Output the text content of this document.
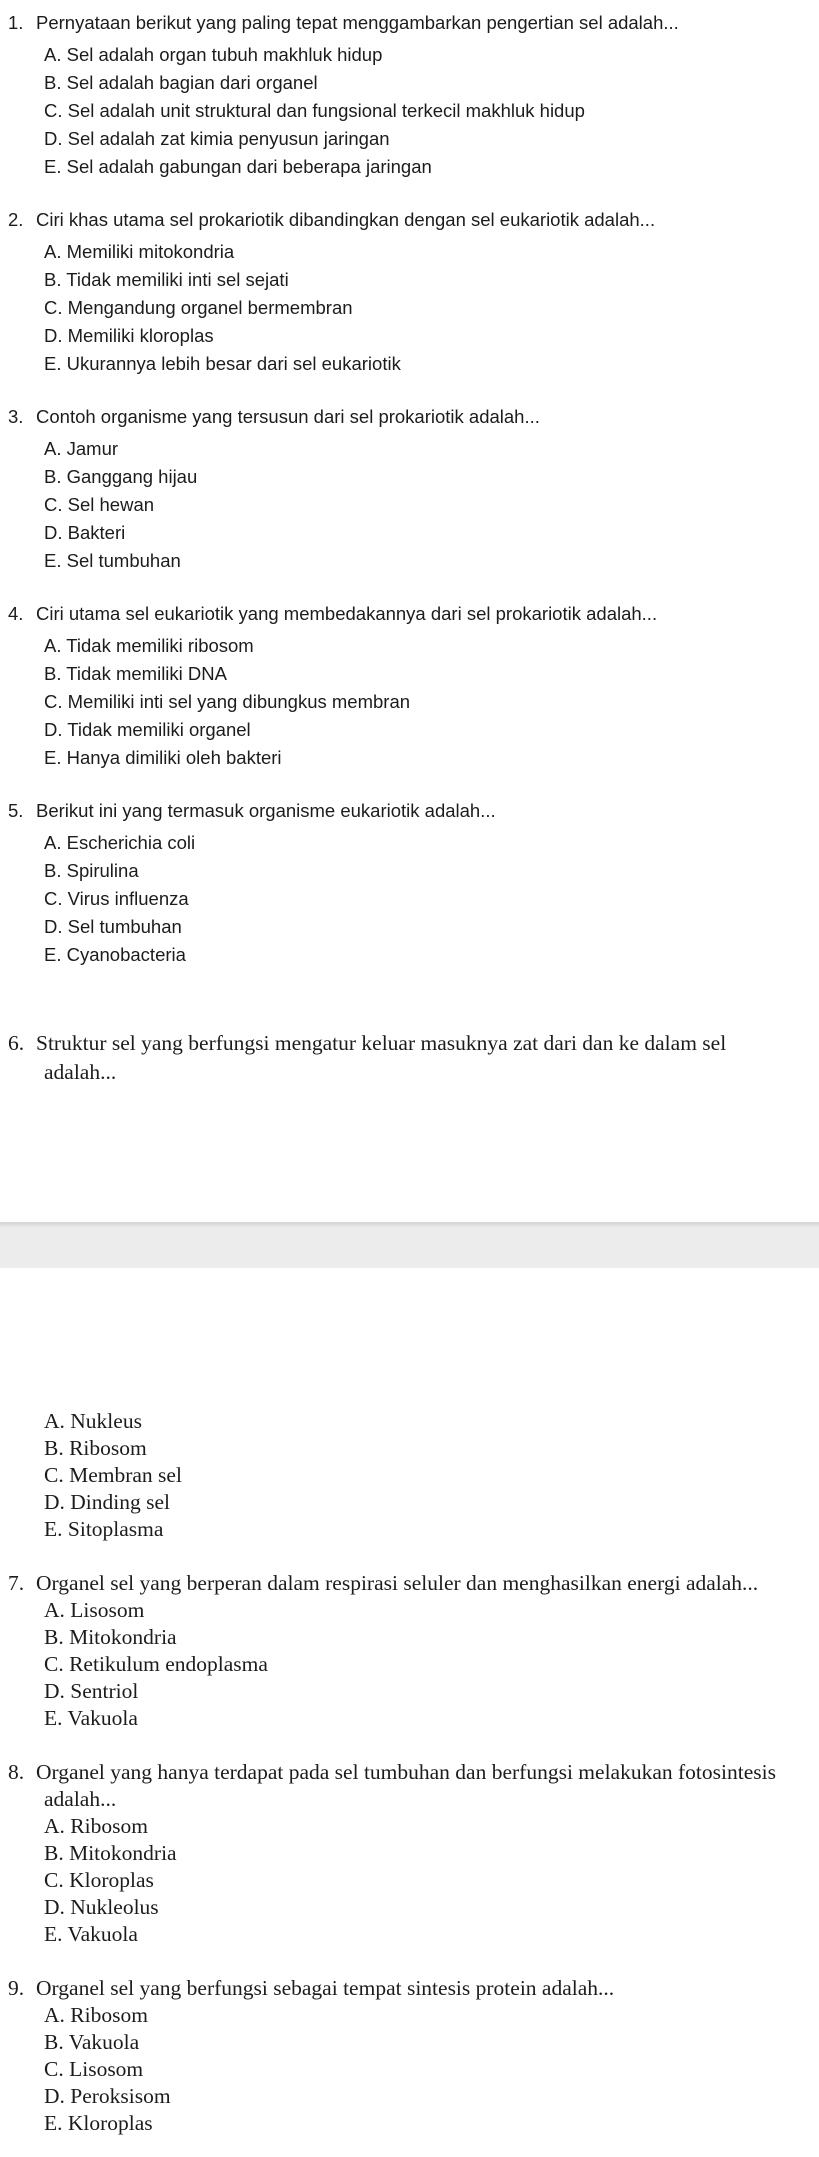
1. Pernyataan berikut yang paling tepat menggambarkan pengertian sel adalah...
A. Sel adalah organ tubuh makhluk hidup
B. Sel adalah bagian dari organel
C. Sel adalah unit struktural dan fungsional terkecil makhluk hidup
D. Sel adalah zat kimia penyusun jaringan
E. Sel adalah gabungan dari beberapa jaringan
2. Ciri khas utama sel prokariotik dibandingkan dengan sel eukariotik adalah...
A. Memiliki mitokondria
B. Tidak memiliki inti sel sejati
C. Mengandung organel bermembran
D. Memiliki kloroplas
E. Ukurannya lebih besar dari sel eukariotik
3. Contoh organisme yang tersusun dari sel prokariotik adalah...
A. Jamur
B. Ganggang hijau
C. Sel hewan
D. Bakteri
E. Sel tumbuhan
4. Ciri utama sel eukariotik yang membedakannya dari sel prokariotik adalah...
A. Tidak memiliki ribosom
B. Tidak memiliki DNA
C. Memiliki inti sel yang dibungkus membran
D. Tidak memiliki organel
E. Hanya dimiliki oleh bakteri
5. Berikut ini yang termasuk organisme eukariotik adalah...
A. Escherichia coli
B. Spirulina
C. Virus influenza
D. Sel tumbuhan
E. Cyanobacteria
6. Struktur sel yang berfungsi mengatur keluar masuknya zat dari dan ke dalam sel
adalah...
A. Nukleus
B. Ribosom
C. Membran sel
D. Dinding sel
E. Sitoplasma
7. Organel sel yang berperan dalam respirasi seluler dan menghasilkan energi adalah...
A. Lisosom
B. Mitokondria
C. Retikulum endoplasma
D. Sentriol
E. Vakuola
8. Organel yang hanya terdapat pada sel tumbuhan dan berfungsi melakukan fotosintesis
adalah...
A. Ribosom
B. Mitokondria
C. Kloroplas
D. Nukleolus
E. Vakuola
9. Organel sel yang berfungsi sebagai tempat sintesis protein adalah...
A. Ribosom
B. Vakuola
C. Lisosom
D. Peroksisom
E. Kloroplas
